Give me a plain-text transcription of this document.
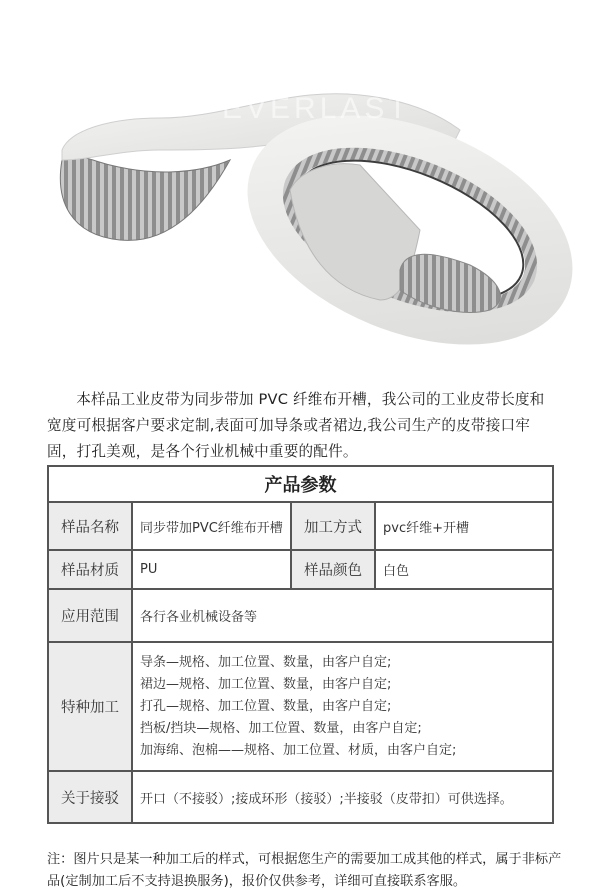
EVERLAST

本样品工业皮带为同步带加 PVC 纤维布开槽，我公司的工业皮带长度和宽度可根据客户要求定制,表面可加导条或者裙边,我公司生产的皮带接口牢固，打孔美观，是各个行业机械中重要的配件。

产品参数			
样品名称	同步带加PVC纤维布开槽	加工方式	pvc纤维+开槽
样品材质	PU	样品颜色	白色
应用范围	各行各业机械设备等		
特种加工	导条—规格、加工位置、数量，由客户自定;
裙边—规格、加工位置、数量，由客户自定;
打孔—规格、加工位置、数量，由客户自定;
挡板/挡块—规格、加工位置、数量，由客户自定;
加海绵、泡棉——规格、加工位置、材质，由客户自定;		

关于接驳	开口（不接驳）;接成环形（接驳）;半接驳（皮带扣）可供选择。		

注：图片只是某一种加工后的样式，可根据您生产的需要加工成其他的样式，属于非标产品(定制加工后不支持退换服务)，报价仅供参考，详细可直接联系客服。
